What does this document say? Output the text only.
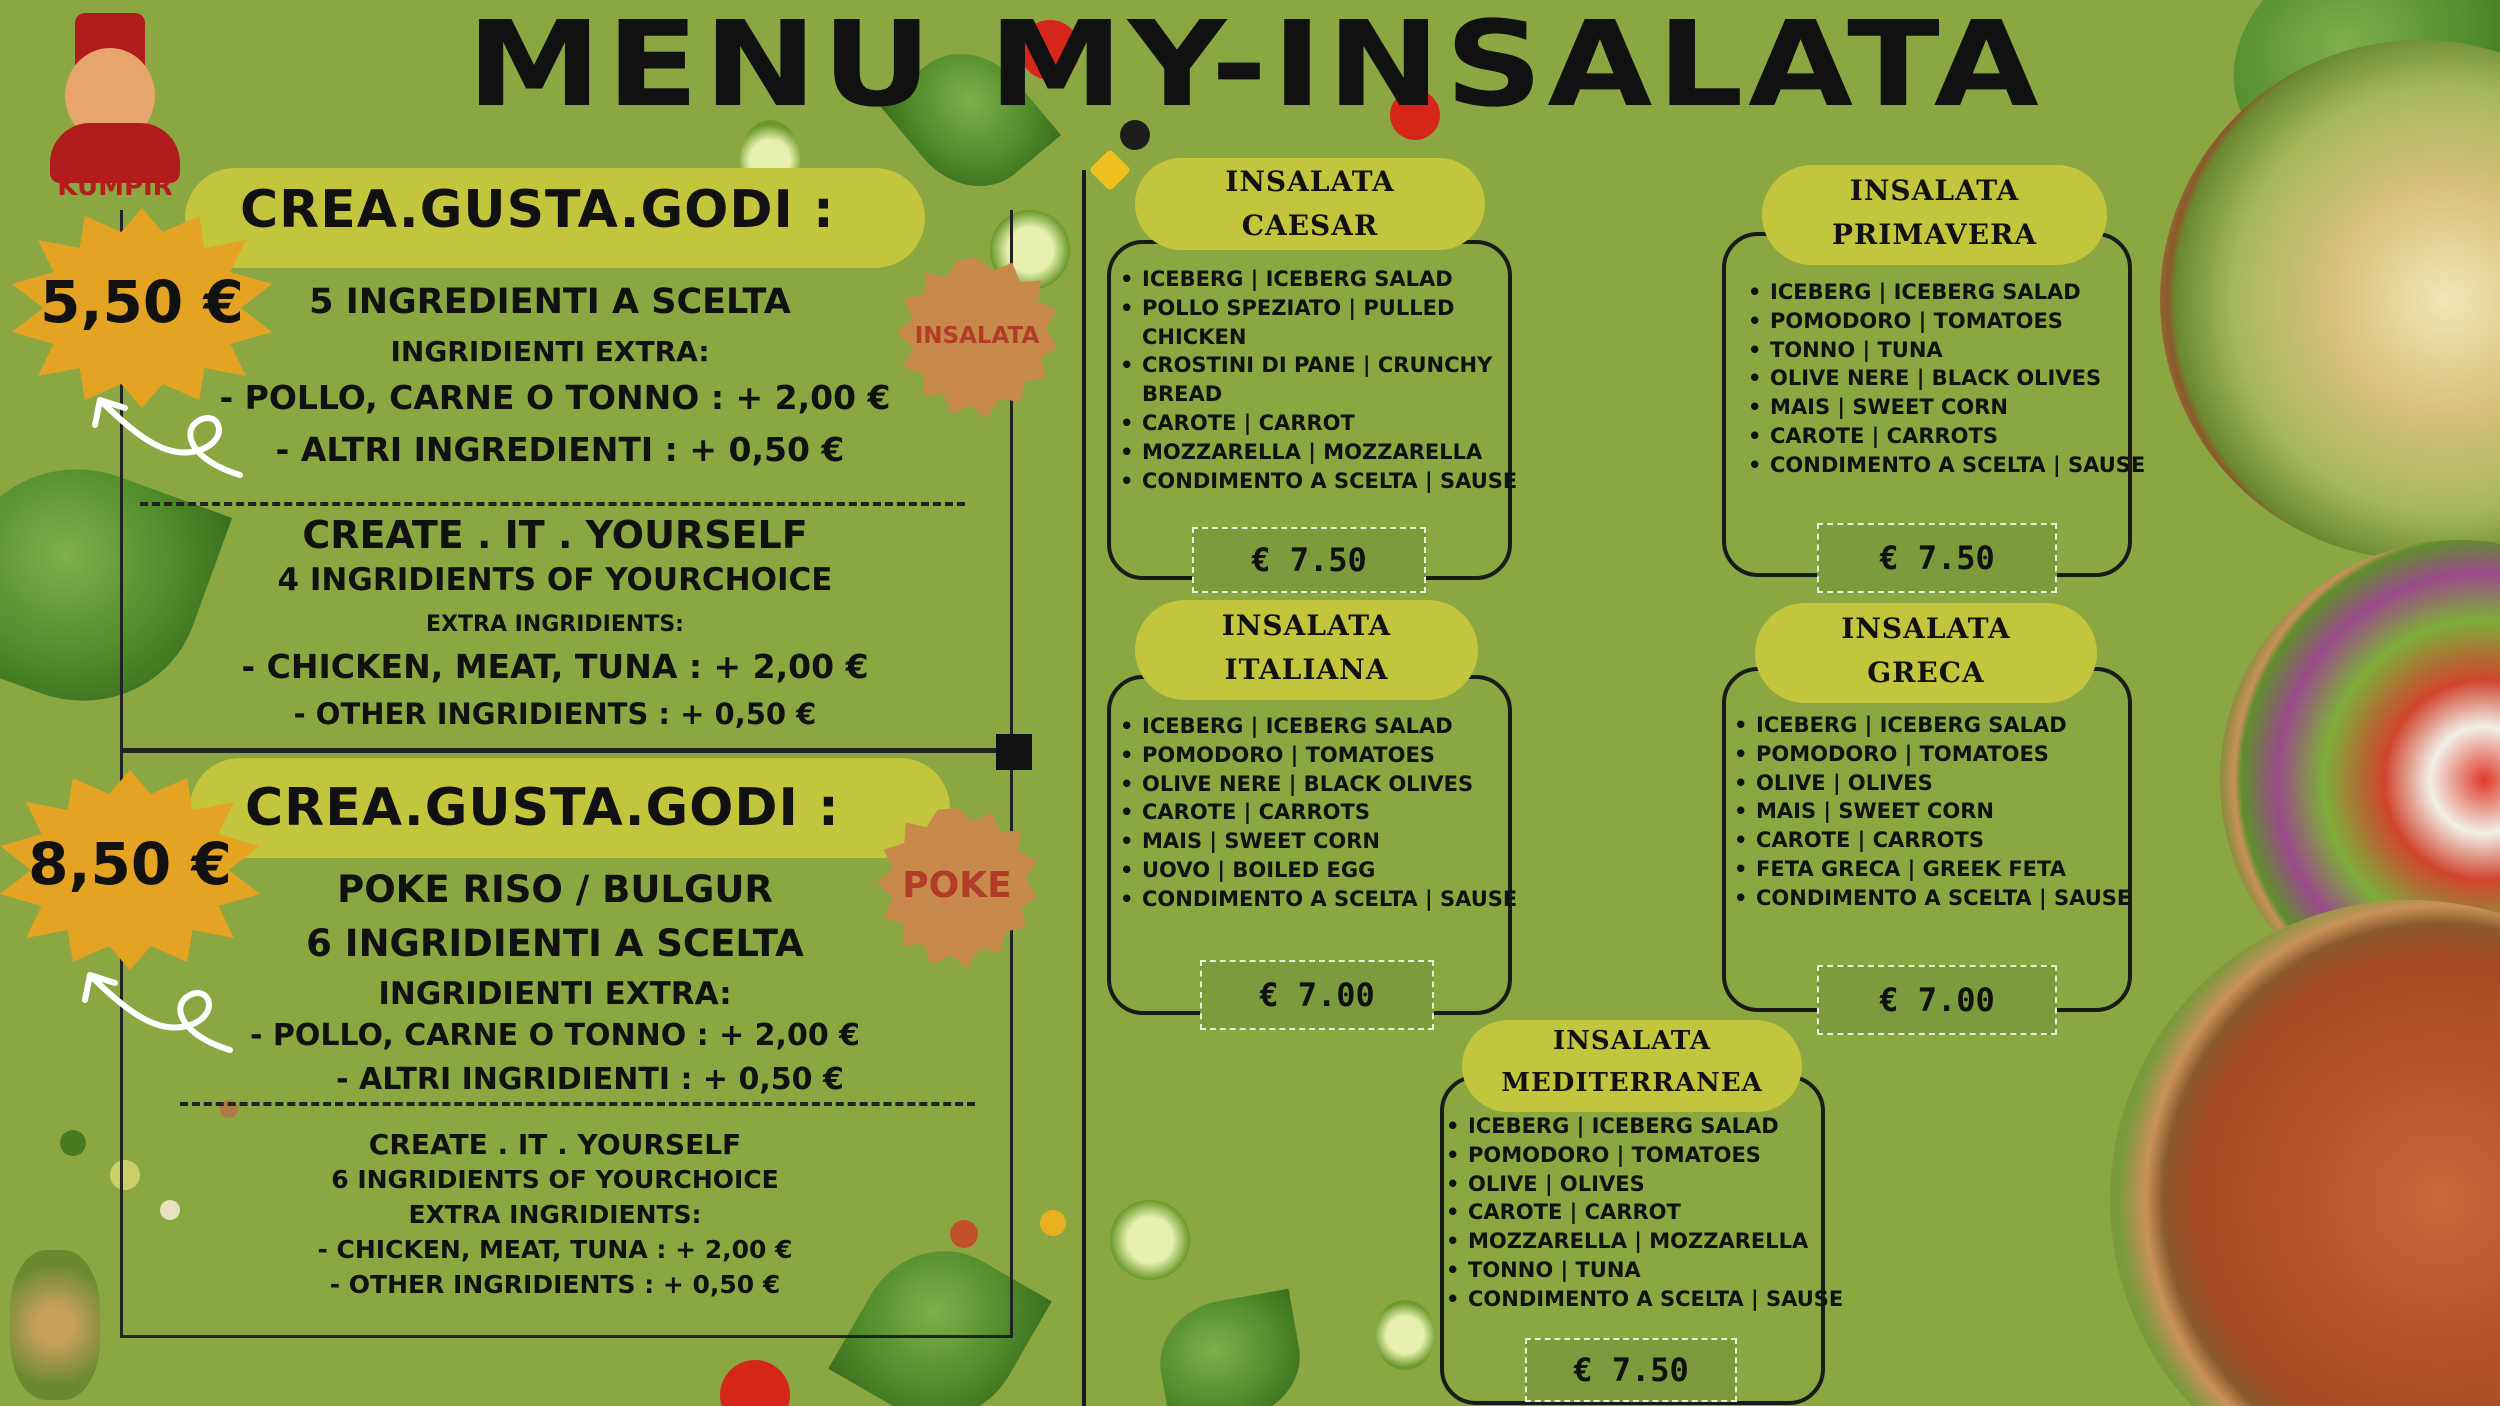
MENU MY-INSALATA
DR.
KUMPIR	CREA.GUSTA.GODI :
5,50 €	INSALATA
5 INGREDIENTI A SCELTA
INGRIDIENTI EXTRA:
- POLLO, CARNE O TONNO : + 2,00 €
- ALTRI INGREDIENTI : + 0,50 €
CREATE . IT . YOURSELF
4 INGRIDIENTS OF YOURCHOICE
EXTRA INGRIDIENTS:
- CHICKEN, MEAT, TUNA : + 2,00 €
- OTHER INGRIDIENTS : + 0,50 €
CREA.GUSTA.GODI :
8,50 €	POKE
POKE RISO / BULGUR
6 INGRIDIENTI A SCELTA
INGRIDIENTI EXTRA:
- POLLO, CARNE O TONNO : + 2,00 €
- ALTRI INGRIDIENTI : + 0,50 €
CREATE . IT . YOURSELF
6 INGRIDIENTS OF YOURCHOICE
EXTRA INGRIDIENTS:
- CHICKEN, MEAT, TUNA : + 2,00 €
- OTHER INGRIDIENTS : + 0,50 €
INSALATA
CAESAR
• ICEBERG | ICEBERG SALAD
• POLLO SPEZIATO | PULLED
CHICKEN
• CROSTINI DI PANE | CRUNCHY
BREAD
• CAROTE | CARROT
• MOZZARELLA | MOZZARELLA
• CONDIMENTO A SCELTA | SAUSE
€ 7.50
INSALATA
PRIMAVERA
• ICEBERG | ICEBERG SALAD
• POMODORO | TOMATOES
• TONNO | TUNA
• OLIVE NERE | BLACK OLIVES
• MAIS | SWEET CORN
• CAROTE | CARROTS
• CONDIMENTO A SCELTA | SAUSE
€ 7.50
INSALATA
ITALIANA
• ICEBERG | ICEBERG SALAD
• POMODORO | TOMATOES
• OLIVE NERE | BLACK OLIVES
• CAROTE | CARROTS
• MAIS | SWEET CORN
• UOVO | BOILED EGG
• CONDIMENTO A SCELTA | SAUSE
€ 7.00
INSALATA
GRECA
• ICEBERG | ICEBERG SALAD
• POMODORO | TOMATOES
• OLIVE | OLIVES
• MAIS | SWEET CORN
• CAROTE | CARROTS
• FETA GRECA | GREEK FETA
• CONDIMENTO A SCELTA | SAUSE
€ 7.00
INSALATA
MEDITERRANEA
• ICEBERG | ICEBERG SALAD
• POMODORO | TOMATOES
• OLIVE | OLIVES
• CAROTE | CARROT
• MOZZARELLA | MOZZARELLA
• TONNO | TUNA
• CONDIMENTO A SCELTA | SAUSE
€ 7.50
